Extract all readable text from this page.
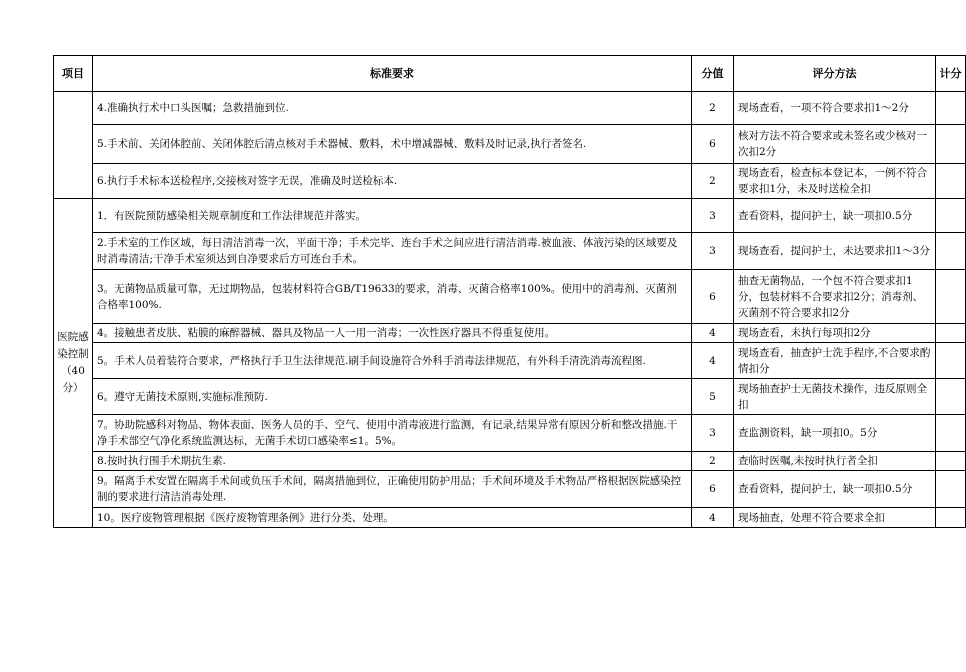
项目	标准要求	分值	评分方法	计分
	4.准确执行术中口头医嘱；急救措施到位.	2	现场查看，一项不符合要求扣1～2分	
	5.手术前、关闭体腔前、关闭体腔后清点核对手术器械、敷料，术中增减器械、敷料及时记录,执行者签名.	6	核对方法不符合要求或未签名或少核对一次扣2分	
	6.执行手术标本送检程序,交接核对签字无误，准确及时送检标本.	2	现场查看，检查标本登记本，一例不符合要求扣1分，未及时送检全扣	
医院感染控制（40分）	1．有医院预防感染相关规章制度和工作法律规范并落实。	3	查看资料，提问护士，缺一项扣0.5分	
	2.手术室的工作区域，每日清洁消毒一次，平面干净；手术完毕、连台手术之间应进行清洁消毒.被血液、体液污染的区域要及时消毒清洁;干净手术室须达到自净要求后方可连台手术。	3	现场查看，提问护士，未达要求扣1～3分	
	3。无菌物品质量可靠，无过期物品，包装材料符合GB/T19633的要求，消毒、灭菌合格率100%。使用中的消毒剂、灭菌剂合格率100%.	6	抽查无菌物品，一个包不符合要求扣1分，包装材料不合要求扣2分；消毒剂、灭菌剂不符合要求扣2分	
	4。接触患者皮肤、粘膜的麻醉器械、器具及物品一人一用一消毒；一次性医疗器具不得重复使用。	4	现场查看，未执行每项扣2分	
	5。手术人员着装符合要求，严格执行手卫生法律规范.刷手间设施符合外科手消毒法律规范，有外科手清洗消毒流程图.	4	现场查看，抽查护士洗手程序,不合要求酌情扣分	
	6。遵守无菌技术原则,实施标准预防.	5	现场抽查护士无菌技术操作，违反原则全扣	
	7。协助院感科对物品、物体表面、医务人员的手、空气、使用中消毒液进行监测，有记录,结果异常有原因分析和整改措施.干净手术部空气净化系统监测达标，无菌手术切口感染率≤1。5%。	3	查监测资料，缺一项扣0。5分	
	8.按时执行围手术期抗生素.	2	查临时医嘱,未按时执行者全扣	
	9。隔离手术安置在隔离手术间或负压手术间，隔离措施到位，正确使用防护用品；手术间环境及手术物品严格根据医院感染控制的要求进行清洁消毒处理.	6	查看资料，提问护士，缺一项扣0.5分	
	10。医疗废物管理根据《医疗废物管理条例》进行分类、处理。	4	现场抽查，处理不符合要求全扣	
